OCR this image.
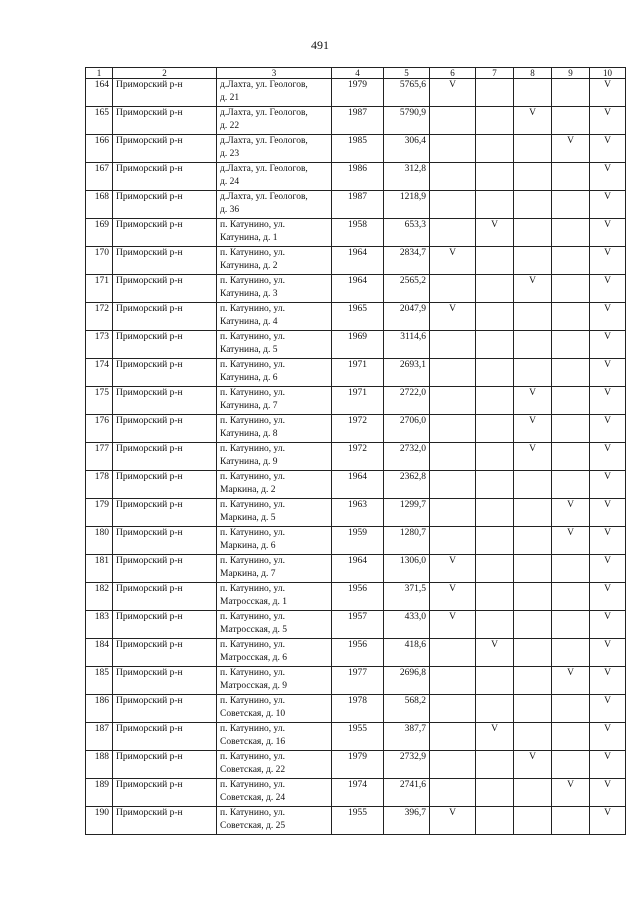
491
1	2	3	4	5	6	7	8	9	10
164	Приморский р-н	д.Лахта, ул. Геологов,
д. 21	1979	5765,6	V				V
165	Приморский р-н	д.Лахта, ул. Геологов,
д. 22	1987	5790,9			V		V
166	Приморский р-н	д.Лахта, ул. Геологов,
д. 23	1985	306,4				V	V
167	Приморский р-н	д.Лахта, ул. Геологов,
д. 24	1986	312,8					V
168	Приморский р-н	д.Лахта, ул. Геологов,
д. 36	1987	1218,9					V
169	Приморский р-н	п. Катунино, ул.
Катунина, д. 1	1958	653,3		V			V
170	Приморский р-н	п. Катунино, ул.
Катунина, д. 2	1964	2834,7	V				V
171	Приморский р-н	п. Катунино, ул.
Катунина, д. 3	1964	2565,2			V		V
172	Приморский р-н	п. Катунино, ул.
Катунина, д. 4	1965	2047,9	V				V
173	Приморский р-н	п. Катунино, ул.
Катунина, д. 5	1969	3114,6					V
174	Приморский р-н	п. Катунино, ул.
Катунина, д. 6	1971	2693,1					V
175	Приморский р-н	п. Катунино, ул.
Катунина, д. 7	1971	2722,0			V		V
176	Приморский р-н	п. Катунино, ул.
Катунина, д. 8	1972	2706,0			V		V
177	Приморский р-н	п. Катунино, ул.
Катунина, д. 9	1972	2732,0			V		V
178	Приморский р-н	п. Катунино, ул.
Маркина, д. 2	1964	2362,8					V
179	Приморский р-н	п. Катунино, ул.
Маркина, д. 5	1963	1299,7				V	V
180	Приморский р-н	п. Катунино, ул.
Маркина, д. 6	1959	1280,7				V	V
181	Приморский р-н	п. Катунино, ул.
Маркина, д. 7	1964	1306,0	V				V
182	Приморский р-н	п. Катунино, ул.
Матросская, д. 1	1956	371,5	V				V
183	Приморский р-н	п. Катунино, ул.
Матросская, д. 5	1957	433,0	V				V
184	Приморский р-н	п. Катунино, ул.
Матросская, д. 6	1956	418,6		V			V
185	Приморский р-н	п. Катунино, ул.
Матросская, д. 9	1977	2696,8				V	V
186	Приморский р-н	п. Катунино, ул.
Советская, д. 10	1978	568,2					V
187	Приморский р-н	п. Катунино, ул.
Советская, д. 16	1955	387,7		V			V
188	Приморский р-н	п. Катунино, ул.
Советская, д. 22	1979	2732,9			V		V
189	Приморский р-н	п. Катунино, ул.
Советская, д. 24	1974	2741,6				V	V
190	Приморский р-н	п. Катунино, ул.
Советская, д. 25	1955	396,7	V				V
